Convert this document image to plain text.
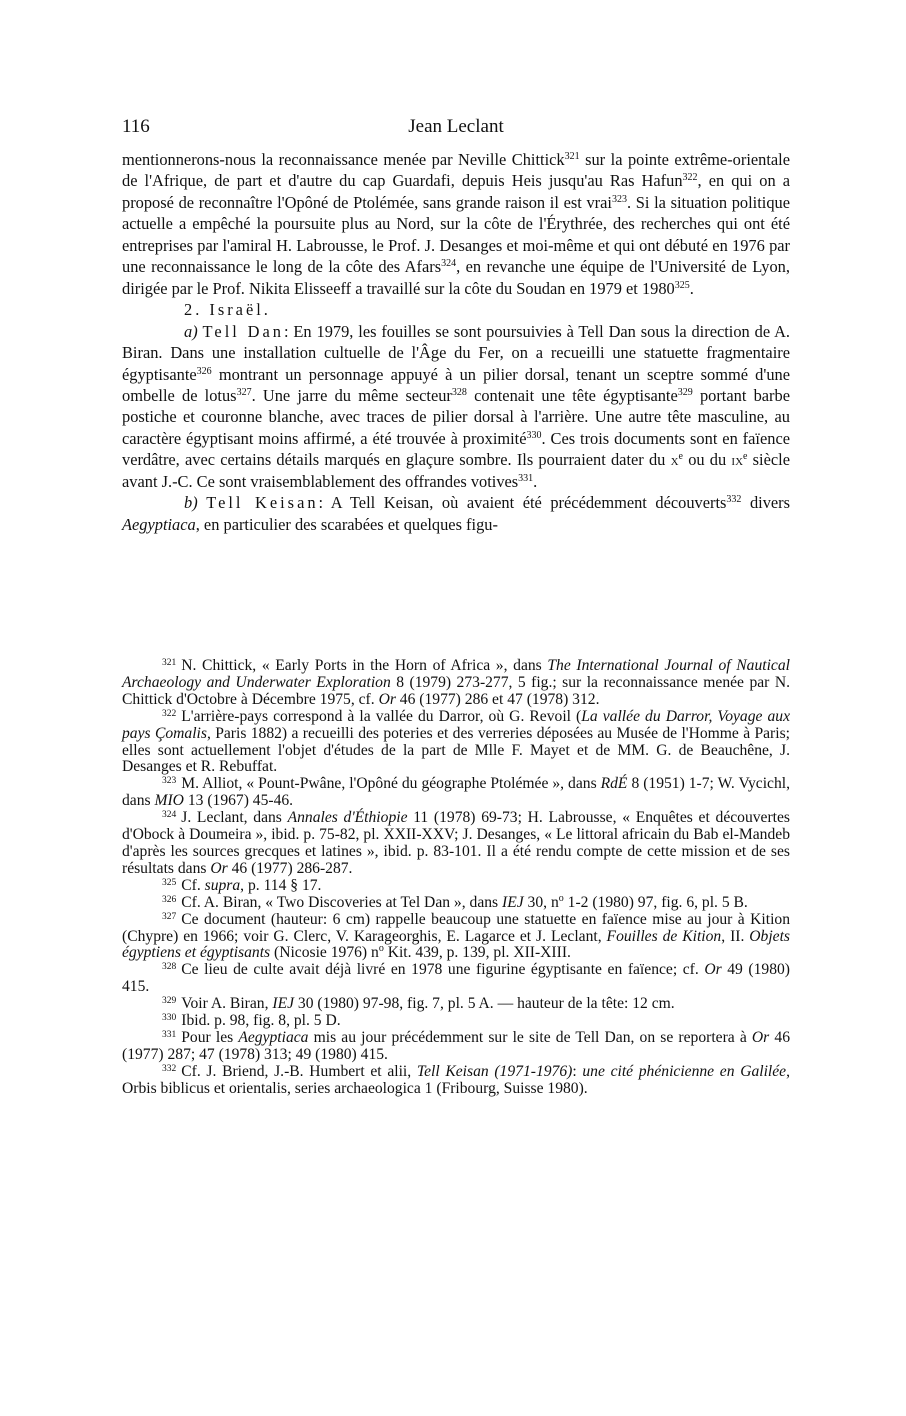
116	Jean Leclant

mentionnerons-nous la reconnaissance menée par Neville Chittick$^{321}$ sur la pointe extrême-orientale de l'Afrique, de part et d'autre du cap Guardafi, depuis Heis jusqu'au Ras Hafun$^{322}$, en qui on a proposé de reconnaître l'Opôné de Ptolémée, sans grande raison il est vrai$^{323}$. Si la situation politique actuelle a empêché la poursuite plus au Nord, sur la côte de l'Érythrée, des recherches qui ont été entreprises par l'amiral H. Labrousse, le Prof. J. Desanges et moi-même et qui ont débuté en 1976 par une reconnaissance le long de la côte des Afars$^{324}$, en revanche une équipe de l'Université de Lyon, dirigée par le Prof. Nikita Elisseeff a travaillé sur la côte du Soudan en 1979 et 1980$^{325}$.

2. Israël.

a) Tell Dan: En 1979, les fouilles se sont poursuivies à Tell Dan sous la direction de A. Biran. Dans une installation cultuelle de l'Âge du Fer, on a recueilli une statuette fragmentaire égyptisante$^{326}$ montrant un personnage appuyé à un pilier dorsal, tenant un sceptre sommé d'une ombelle de lotus$^{327}$. Une jarre du même secteur$^{328}$ contenait une tête égyptisante$^{329}$ portant barbe postiche et couronne blanche, avec traces de pilier dorsal à l'arrière. Une autre tête masculine, au caractère égyptisant moins affirmé, a été trouvée à proximité$^{330}$. Ces trois documents sont en faïence verdâtre, avec certains détails marqués en glaçure sombre. Ils pourraient dater du $x^e$ ou du $ix^e$ siècle avant J.-C. Ce sont vraisemblablement des offrandes votives$^{331}$.

b) Tell Keisan: A Tell Keisan, où avaient été précédemment découverts$^{332}$ divers Aegyptiaca, en particulier des scarabées et quelques figu-

$^{321}$ N. Chittick, « Early Ports in the Horn of Africa », dans The International Journal of Nautical Archaeology and Underwater Exploration 8 (1979) 273-277, 5 fig.; sur la reconnaissance menée par N. Chittick d'Octobre à Décembre 1975, cf. Or 46 (1977) 286 et 47 (1978) 312.

$^{322}$ L'arrière-pays correspond à la vallée du Darror, où G. Revoil (La vallée du Darror, Voyage aux pays Çomalis, Paris 1882) a recueilli des poteries et des verreries déposées au Musée de l'Homme à Paris; elles sont actuellement l'objet d'études de la part de Mlle F. Mayet et de MM. G. de Beauchêne, J. Desanges et R. Rebuffat.

$^{323}$ M. Alliot, « Pount-Pwâne, l'Opôné du géographe Ptolémée », dans RdÉ 8 (1951) 1-7; W. Vycichl, dans MIO 13 (1967) 45-46.

$^{324}$ J. Leclant, dans Annales d'Éthiopie 11 (1978) 69-73; H. Labrousse, « Enquêtes et découvertes d'Obock à Doumeira », ibid. p. 75-82, pl. XXII-XXV; J. Desanges, « Le littoral africain du Bab el-Mandeb d'après les sources grecques et latines », ibid. p. 83-101. Il a été rendu compte de cette mission et de ses résultats dans Or 46 (1977) 286-287.

$^{325}$ Cf. supra, p. 114 § 17.

$^{326}$ Cf. A. Biran, « Two Discoveries at Tel Dan », dans IEJ 30, $n^o$ 1-2 (1980) 97, fig. 6, pl. 5 B.

$^{327}$ Ce document (hauteur: 6 cm) rappelle beaucoup une statuette en faïence mise au jour à Kition (Chypre) en 1966; voir G. Clerc, V. Karageorghis, E. Lagarce et J. Leclant, Fouilles de Kition, II. Objets égyptiens et égyptisants (Nicosie 1976) $n^o$ Kit. 439, p. 139, pl. XII-XIII.

$^{328}$ Ce lieu de culte avait déjà livré en 1978 une figurine égyptisante en faïence; cf. Or 49 (1980) 415.

$^{329}$ Voir A. Biran, IEJ 30 (1980) 97-98, fig. 7, pl. 5 A. — hauteur de la tête: 12 cm.

$^{330}$ Ibid. p. 98, fig. 8, pl. 5 D.

$^{331}$ Pour les Aegyptiaca mis au jour précédemment sur le site de Tell Dan, on se reportera à Or 46 (1977) 287; 47 (1978) 313; 49 (1980) 415.

$^{332}$ Cf. J. Briend, J.-B. Humbert et alii, Tell Keisan (1971-1976): une cité phénicienne en Galilée, Orbis biblicus et orientalis, series archaeologica 1 (Fribourg, Suisse 1980).
